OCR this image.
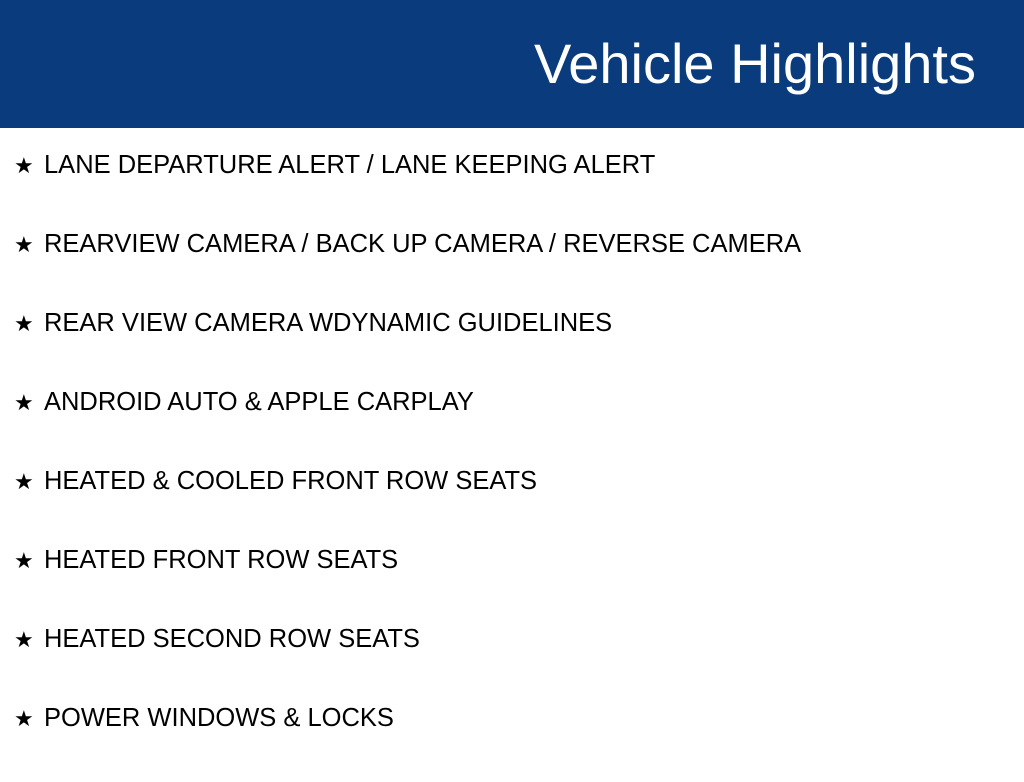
Vehicle Highlights
★ LANE DEPARTURE ALERT / LANE KEEPING ALERT
★ REARVIEW CAMERA / BACK UP CAMERA / REVERSE CAMERA
★ REAR VIEW CAMERA WDYNAMIC GUIDELINES
★ ANDROID AUTO & APPLE CARPLAY
★ HEATED & COOLED FRONT ROW SEATS
★ HEATED FRONT ROW SEATS
★ HEATED SECOND ROW SEATS
★ POWER WINDOWS & LOCKS
